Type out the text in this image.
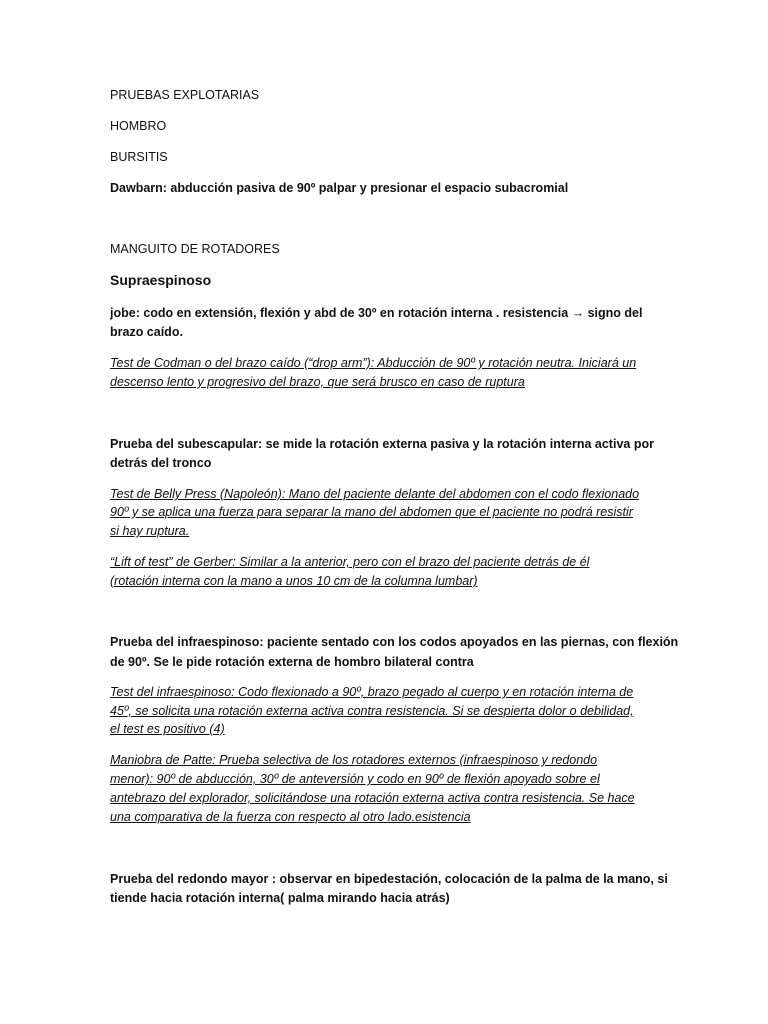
PRUEBAS EXPLOTARIAS
HOMBRO
BURSITIS
Dawbarn: abducción pasiva de 90º palpar y presionar el espacio subacromial
MANGUITO DE ROTADORES
Supraespinoso
jobe: codo en extensión, flexión y abd de 30º en rotación interna . resistencia → signo del
brazo caído.
Test de Codman o del brazo caído (“drop arm”): Abducción de 90º y rotación neutra. Iniciará un
descenso lento y progresivo del brazo, que será brusco en caso de ruptura
Prueba del subescapular: se mide la rotación externa pasiva y la rotación interna activa por
detrás del tronco
Test de Belly Press (Napoleón): Mano del paciente delante del abdomen con el codo flexionado
90º y se aplica una fuerza para separar la mano del abdomen que el paciente no podrá resistir
si hay ruptura.
“Lift of test” de Gerber: Similar a la anterior, pero con el brazo del paciente detrás de él
(rotación interna con la mano a unos 10 cm de la columna lumbar)
Prueba del infraespinoso: paciente sentado con los codos apoyados en las piernas, con flexión
de 90º. Se le pide rotación externa de hombro bilateral contra
Test del infraespinoso: Codo flexionado a 90º, brazo pegado al cuerpo y en rotación interna de
45º, se solicita una rotación externa activa contra resistencia. Si se despierta dolor o debilidad,
el test es positivo (4)
Maniobra de Patte: Prueba selectiva de los rotadores externos (infraespinoso y redondo
menor): 90º de abducción, 30º de anteversión y codo en 90º de flexión apoyado sobre el
antebrazo del explorador, solicitándose una rotación externa activa contra resistencia. Se hace
una comparativa de la fuerza con respecto al otro lado.esistencia
Prueba del redondo mayor : observar en bipedestación, colocación de la palma de la mano, si
tiende hacia rotación interna( palma mirando hacia atrás)
